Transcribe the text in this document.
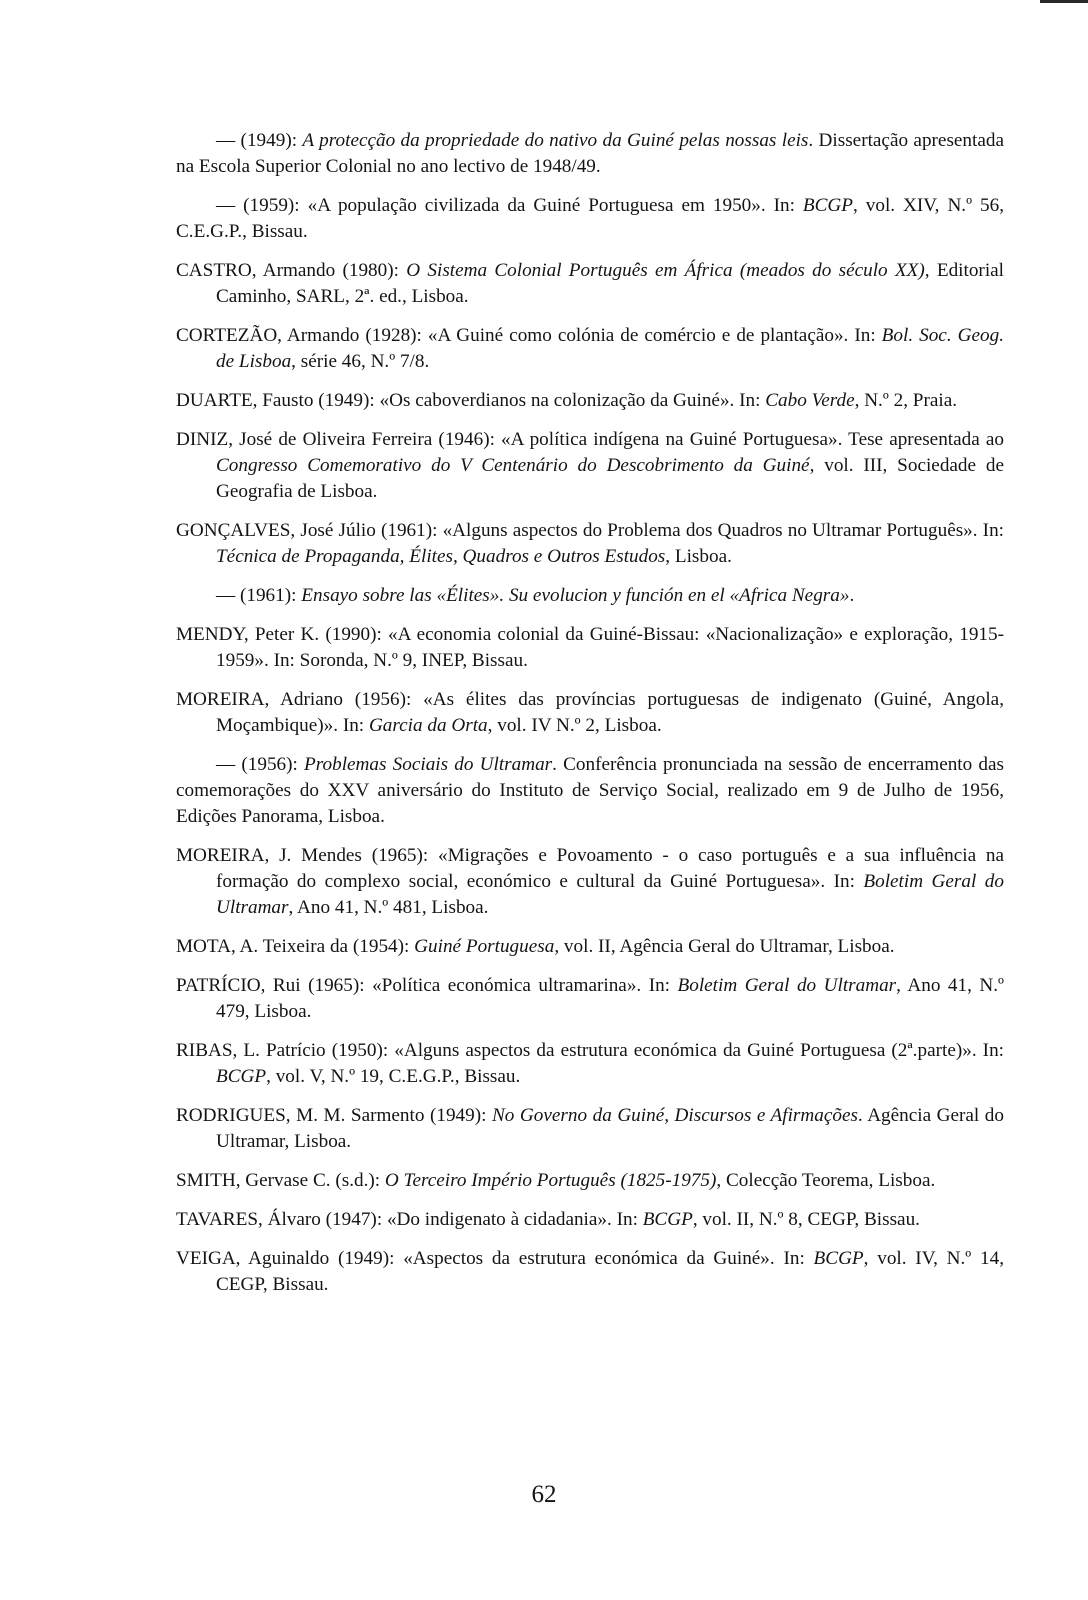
— (1949): A protecção da propriedade do nativo da Guiné pelas nossas leis. Dissertação apresentada na Escola Superior Colonial no ano lectivo de 1948/49.

— (1959): «A população civilizada da Guiné Portuguesa em 1950». In: BCGP, vol. XIV, N.º 56, C.E.G.P., Bissau.

CASTRO, Armando (1980): O Sistema Colonial Português em África (meados do século XX), Editorial Caminho, SARL, 2ª. ed., Lisboa.

CORTEZÃO, Armando (1928): «A Guiné como colónia de comércio e de plantação». In: Bol. Soc. Geog. de Lisboa, série 46, N.º 7/8.

DUARTE, Fausto (1949): «Os caboverdianos na colonização da Guiné». In: Cabo Verde, N.º 2, Praia.

DINIZ, José de Oliveira Ferreira (1946): «A política indígena na Guiné Portuguesa». Tese apresentada ao Congresso Comemorativo do V Centenário do Descobrimento da Guiné, vol. III, Sociedade de Geografia de Lisboa.

GONÇALVES, José Júlio (1961): «Alguns aspectos do Problema dos Quadros no Ultramar Português». In: Técnica de Propaganda, Élites, Quadros e Outros Estudos, Lisboa.

— (1961): Ensayo sobre las «Élites». Su evolucion y función en el «Africa Negra».

MENDY, Peter K. (1990): «A economia colonial da Guiné-Bissau: «Nacionalização» e exploração, 1915-1959». In: Soronda, N.º 9, INEP, Bissau.

MOREIRA, Adriano (1956): «As élites das províncias portuguesas de indigenato (Guiné, Angola, Moçambique)». In: Garcia da Orta, vol. IV N.º 2, Lisboa.

— (1956): Problemas Sociais do Ultramar. Conferência pronunciada na sessão de encerramento das comemorações do XXV aniversário do Instituto de Serviço Social, realizado em 9 de Julho de 1956, Edições Panorama, Lisboa.

MOREIRA, J. Mendes (1965): «Migrações e Povoamento - o caso português e a sua influência na formação do complexo social, económico e cultural da Guiné Portuguesa». In: Boletim Geral do Ultramar, Ano 41, N.º 481, Lisboa.

MOTA, A. Teixeira da (1954): Guiné Portuguesa, vol. II, Agência Geral do Ultramar, Lisboa.

PATRÍCIO, Rui (1965): «Política económica ultramarina». In: Boletim Geral do Ultramar, Ano 41, N.º 479, Lisboa.

RIBAS, L. Patrício (1950): «Alguns aspectos da estrutura económica da Guiné Portuguesa (2ª.parte)». In: BCGP, vol. V, N.º 19, C.E.G.P., Bissau.

RODRIGUES, M. M. Sarmento (1949): No Governo da Guiné, Discursos e Afirmações. Agência Geral do Ultramar, Lisboa.

SMITH, Gervase C. (s.d.): O Terceiro Império Português (1825-1975), Colecção Teorema, Lisboa.

TAVARES, Álvaro (1947): «Do indigenato à cidadania». In: BCGP, vol. II, N.º 8, CEGP, Bissau.

VEIGA, Aguinaldo (1949): «Aspectos da estrutura económica da Guiné». In: BCGP, vol. IV, N.º 14, CEGP, Bissau.

62
